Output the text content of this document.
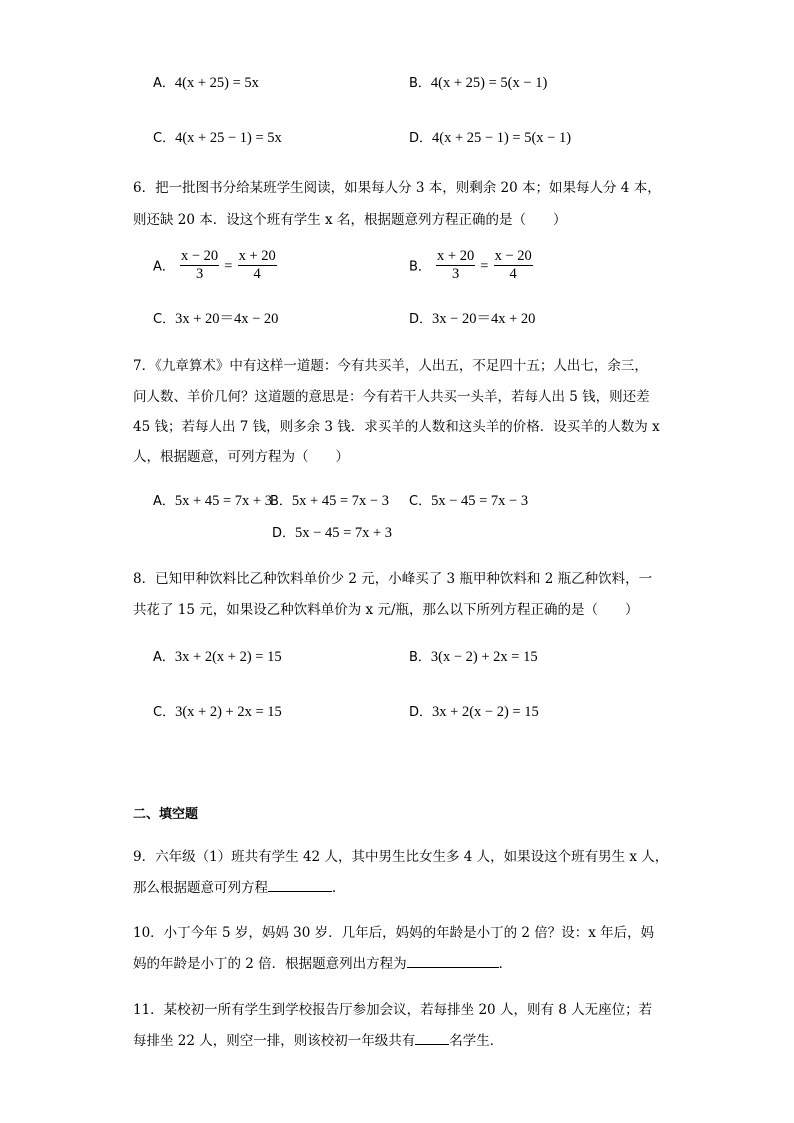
A．4(x + 25) = 5x	B．4(x + 25) = 5(x − 1)
C．4(x + 25 − 1) = 5x	D．4(x + 25 − 1) = 5(x − 1)
6．把一批图书分给某班学生阅读，如果每人分 3 本，则剩余 20 本；如果每人分 4 本，
则还缺 20 本．设这个班有学生 x 名，根据题意列方程正确的是（　　）
A． $\frac{x - 20}{3} = \frac{x + 20}{4}$	B． $\frac{x + 20}{3} = \frac{x - 20}{4}$
C．3x + 20＝4x − 20	D．3x − 20＝4x + 20
7．《九章算术》中有这样一道题：今有共买羊，人出五，不足四十五；人出七，余三，
问人数、羊价几何？这道题的意思是：今有若干人共买一头羊，若每人出 5 钱，则还差
45 钱；若每人出 7 钱，则多余 3 钱．求买羊的人数和这头羊的价格．设买羊的人数为 x
人，根据题意，可列方程为（　　）
A．5x + 45 = 7x + 3
B．5x + 45 = 7x − 3 C．5x − 45 = 7x − 3
D．5x − 45 = 7x + 3
8．已知甲种饮料比乙种饮料单价少 2 元，小峰买了 3 瓶甲种饮料和 2 瓶乙种饮料，一
共花了 15 元，如果设乙种饮料单价为 x 元/瓶，那么以下所列方程正确的是（　　）
A．3x + 2(x + 2) = 15	B．3(x − 2) + 2x = 15
C．3(x + 2) + 2x = 15	D．3x + 2(x − 2) = 15
二、填空题
9．六年级（1）班共有学生 42 人，其中男生比女生多 4 人，如果设这个班有男生 x 人，
那么根据题意可列方程	．
10．小丁今年 5 岁，妈妈 30 岁．几年后，妈妈的年龄是小丁的 2 倍？设：x 年后，妈
妈的年龄是小丁的 2 倍．根据题意列出方程为	．
11．某校初一所有学生到学校报告厅参加会议，若每排坐 20 人，则有 8 人无座位；若
每排坐 22 人，则空一排，则该校初一年级共有	名学生．
